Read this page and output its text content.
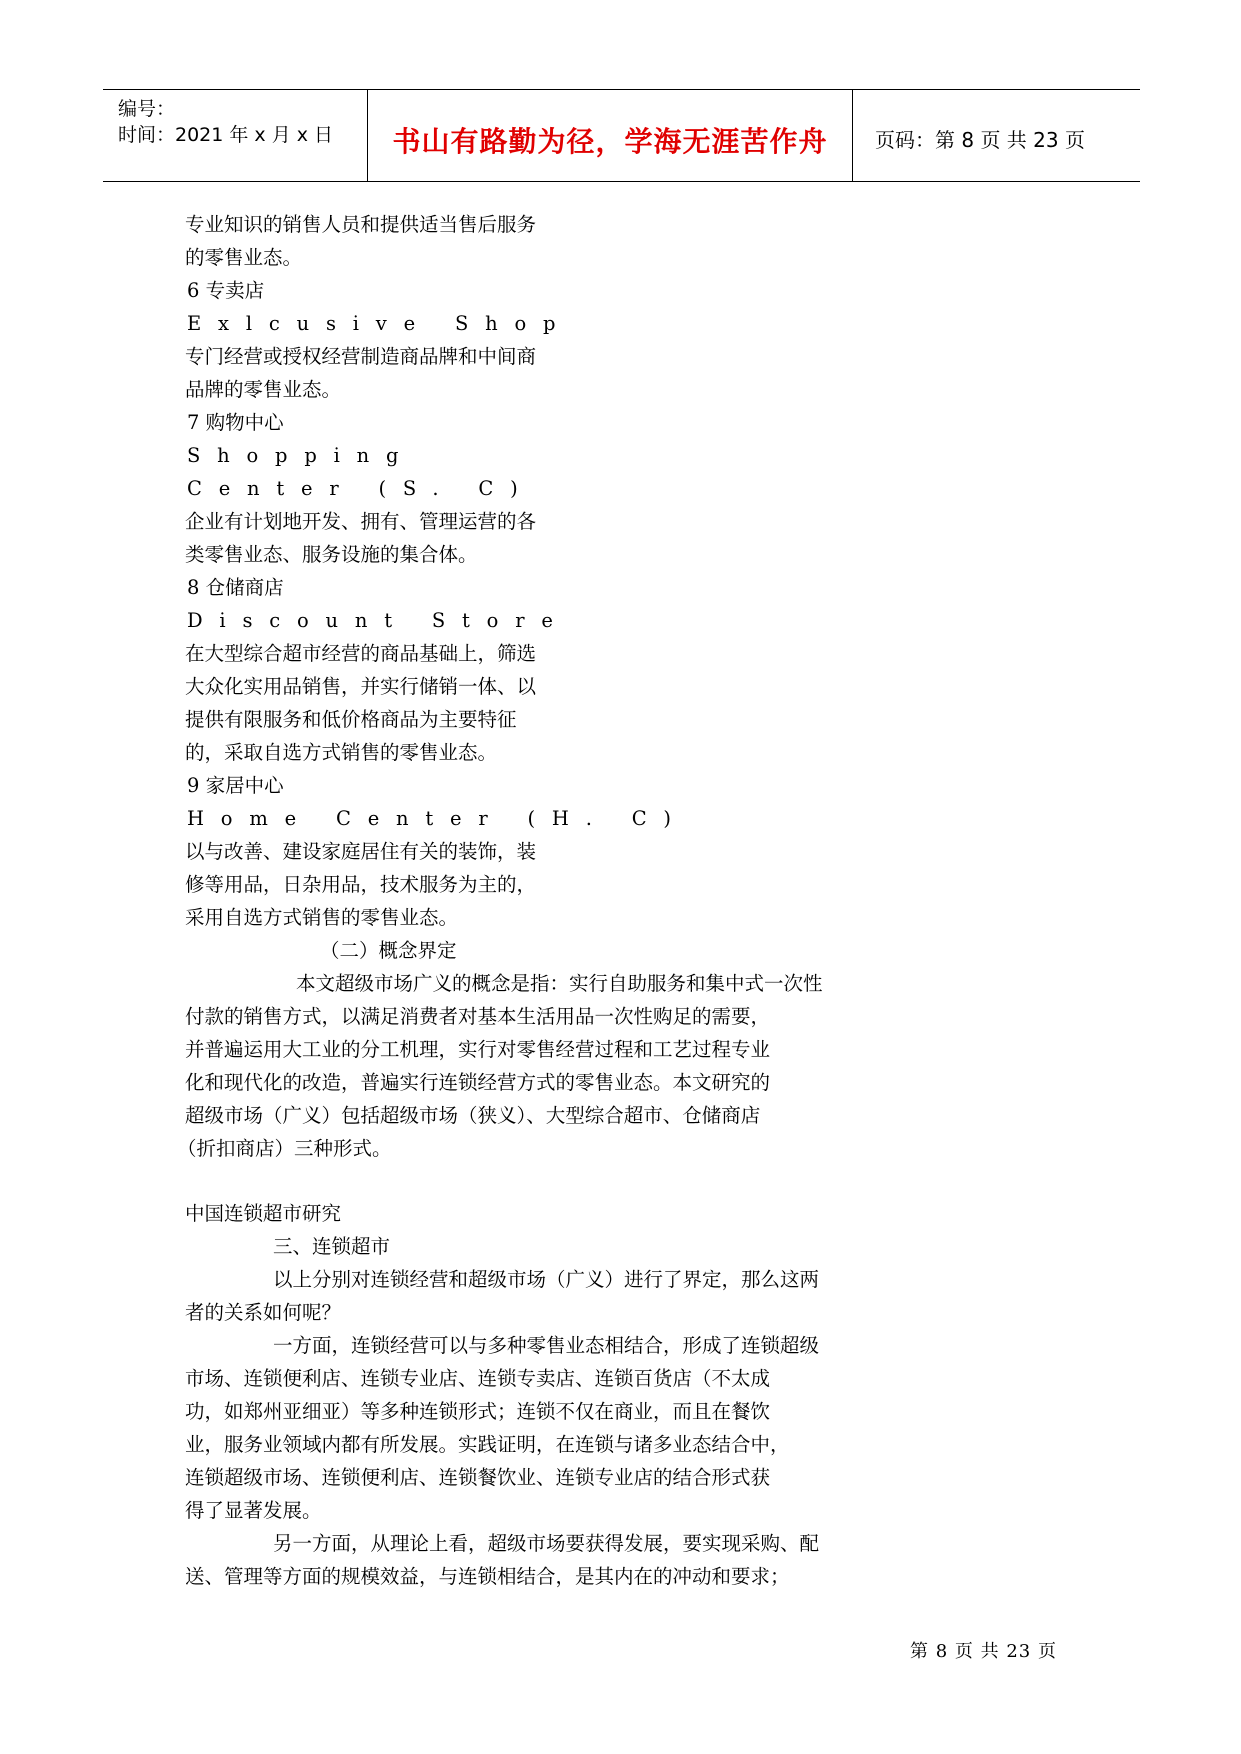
编号：
时间：2021 年 x 月 x 日	书山有路勤为径，学海无涯苦作舟	页码：第 8 页 共 23 页
专业知识的销售人员和提供适当售后服务
的零售业态。
6 专卖店
Exlcusive Shop
专门经营或授权经营制造商品牌和中间商
品牌的零售业态。
7 购物中心
Shopping
Center (S. C)
企业有计划地开发、拥有、管理运营的各
类零售业态、服务设施的集合体。
8 仓储商店
Discount Store
在大型综合超市经营的商品基础上，筛选
大众化实用品销售，并实行储销一体、以
提供有限服务和低价格商品为主要特征
的，采取自选方式销售的零售业态。
9 家居中心
Home Center (H. C)
以与改善、建设家庭居住有关的装饰，装
修等用品，日杂用品，技术服务为主的，
采用自选方式销售的零售业态。
（二）概念界定
本文超级市场广义的概念是指：实行自助服务和集中式一次性
付款的销售方式，以满足消费者对基本生活用品一次性购足的需要，
并普遍运用大工业的分工机理，实行对零售经营过程和工艺过程专业
化和现代化的改造，普遍实行连锁经营方式的零售业态。本文研究的
超级市场（广义）包括超级市场（狭义）、大型综合超市、仓储商店
（折扣商店）三种形式。
中国连锁超市研究
三、连锁超市
以上分别对连锁经营和超级市场（广义）进行了界定，那么这两
者的关系如何呢？
一方面，连锁经营可以与多种零售业态相结合，形成了连锁超级
市场、连锁便利店、连锁专业店、连锁专卖店、连锁百货店（不太成
功，如郑州亚细亚）等多种连锁形式；连锁不仅在商业，而且在餐饮
业，服务业领域内都有所发展。实践证明，在连锁与诸多业态结合中，
连锁超级市场、连锁便利店、连锁餐饮业、连锁专业店的结合形式获
得了显著发展。
另一方面，从理论上看，超级市场要获得发展，要实现采购、配
送、管理等方面的规模效益，与连锁相结合，是其内在的冲动和要求；
第 8 页 共 23 页
